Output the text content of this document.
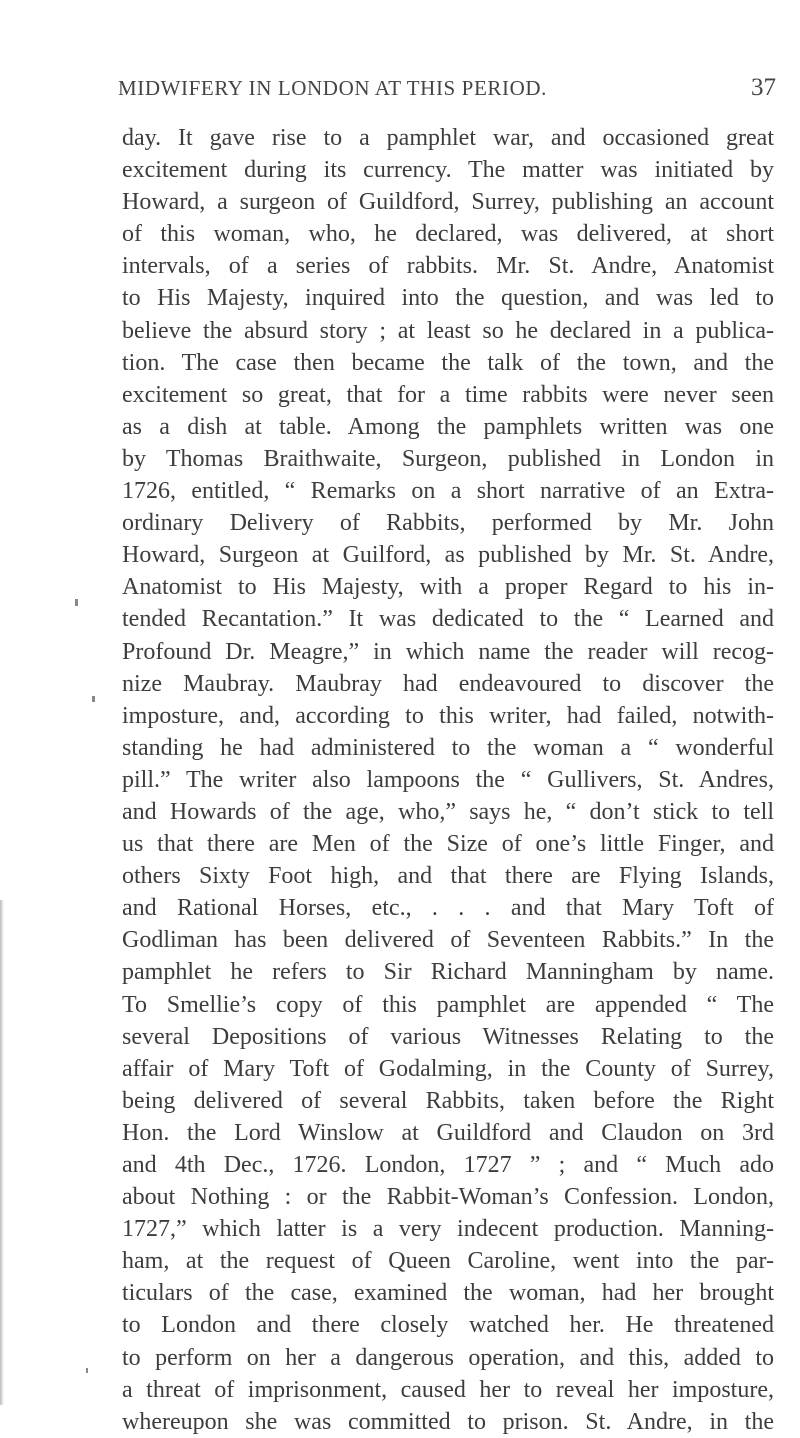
MIDWIFERY IN LONDON AT THIS PERIOD.	37
day. It gave rise to a pamphlet war, and occasioned great
excitement during its currency. The matter was initiated by
Howard, a surgeon of Guildford, Surrey, publishing an account
of this woman, who, he declared, was delivered, at short
intervals, of a series of rabbits. Mr. St. Andre, Anatomist
to His Majesty, inquired into the question, and was led to
believe the absurd story ; at least so he declared in a publica-
tion. The case then became the talk of the town, and the
excitement so great, that for a time rabbits were never seen
as a dish at table. Among the pamphlets written was one
by Thomas Braithwaite, Surgeon, published in London in
1726, entitled, “ Remarks on a short narrative of an Extra-
ordinary Delivery of Rabbits, performed by Mr. John
Howard, Surgeon at Guilford, as published by Mr. St. Andre,
Anatomist to His Majesty, with a proper Regard to his in-
tended Recantation.” It was dedicated to the “ Learned and
Profound Dr. Meagre,” in which name the reader will recog-
nize Maubray. Maubray had endeavoured to discover the
imposture, and, according to this writer, had failed, notwith-
standing he had administered to the woman a “ wonderful
pill.” The writer also lampoons the “ Gullivers, St. Andres,
and Howards of the age, who,” says he, “ don’t stick to tell
us that there are Men of the Size of one’s little Finger, and
others Sixty Foot high, and that there are Flying Islands,
and Rational Horses, etc., . . . and that Mary Toft of
Godliman has been delivered of Seventeen Rabbits.” In the
pamphlet he refers to Sir Richard Manningham by name.
To Smellie’s copy of this pamphlet are appended “ The
several Depositions of various Witnesses Relating to the
affair of Mary Toft of Godalming, in the County of Surrey,
being delivered of several Rabbits, taken before the Right
Hon. the Lord Winslow at Guildford and Claudon on 3rd
and 4th Dec., 1726. London, 1727 ” ; and “ Much ado
about Nothing : or the Rabbit-Woman’s Confession. London,
1727,” which latter is a very indecent production. Manning-
ham, at the request of Queen Caroline, went into the par-
ticulars of the case, examined the woman, had her brought
to London and there closely watched her. He threatened
to perform on her a dangerous operation, and this, added to
a threat of imprisonment, caused her to reveal her imposture,
whereupon she was committed to prison. St. Andre, in the
